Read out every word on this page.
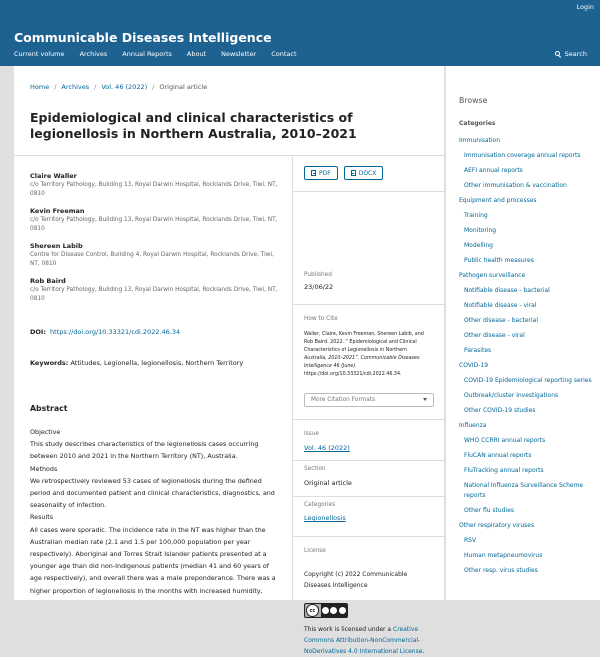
Login
Communicable Diseases Intelligence
Current volume Archives Annual Reports About Newsletter Contact	Search
Home / Archives / Vol. 46 (2022) / Original article
Epidemiological and clinical characteristics of legionellosis in Northern Australia, 2010–2021
Claire Waller
c/o Territory Pathology, Building 13, Royal Darwin Hospital, Rocklands Drive, Tiwi, NT, 0810
Kevin Freeman
c/o Territory Pathology, Building 13, Royal Darwin Hospital, Rocklands Drive, Tiwi, NT, 0810
Shereen Labib
Centre for Disease Control, Building 4, Royal Darwin Hospital, Rocklands Drive, Tiwi, NT, 0810
Rob Baird
c/o Territory Pathology, Building 13, Royal Darwin Hospital, Rocklands Drive, Tiwi, NT, 0810
DOI: https://doi.org/10.33321/cdi.2022.46.34
Keywords: Attitudes, Legionella, legionellosis, Northern Territory
Abstract
Objective
This study describes characteristics of the legionellosis cases occurring
between 2010 and 2021 in the Northern Territory (NT), Australia.
Methods
We retrospectively reviewed 53 cases of legionellosis during the defined
period and documented patient and clinical characteristics, diagnostics, and
seasonality of infection.
Results
All cases were sporadic. The incidence rate in the NT was higher than the
Australian median rate (2.1 and 1.5 per 100,000 population per year
respectively). Aboriginal and Torres Strait Islander patients presented at a
younger age than did non-Indigenous patients (median 41 and 60 years of
age respectively), and overall there was a male preponderance. There was a
higher proportion of legionellosis in the months with increased humidity,
PDF	DOCX
Published
23/06/22
How to Cite
Waller, Claire, Kevin Freeman, Shereen Labib, and
Rob Baird. 2022. “ Epidemiological and Clinical
Characteristics of Legionellosis in Northern
Australia, 2010–2021”. Communicable Diseases
Intelligence 46 (June).
https://doi.org/10.33321/cdi.2022.46.34.
More Citation Formats
Issue
Vol. 46 (2022)
Section
Original article
Categories
Legionellosis
License
Copyright (c) 2022 Communicable Diseases Intelligence
cc
This work is licensed under a Creative Commons Attribution-NonCommercial-NoDerivatives 4.0 International License.
Browse
Categories
Immunisation
Immunisation coverage annual reports
AEFI annual reports
Other immunisation & vaccination
Equipment and processes
Training
Monitoring
Modelling
Public health measures
Pathogen surveillance
Notifiable disease - bacterial
Notifiable disease - viral
Other disease - bacterial
Other disease - viral
Parasites
COVID-19
COVID-19 Epidemiological reporting series
Outbreak/cluster investigations
Other COVID-19 studies
Influenza
WHO CCRRI annual reports
FluCAN annual reports
FluTracking annual reports
National Influenza Surveillance Scheme reports
Other flu studies
Other respiratory viruses
RSV
Human metapneumovirus
Other resp. virus studies
